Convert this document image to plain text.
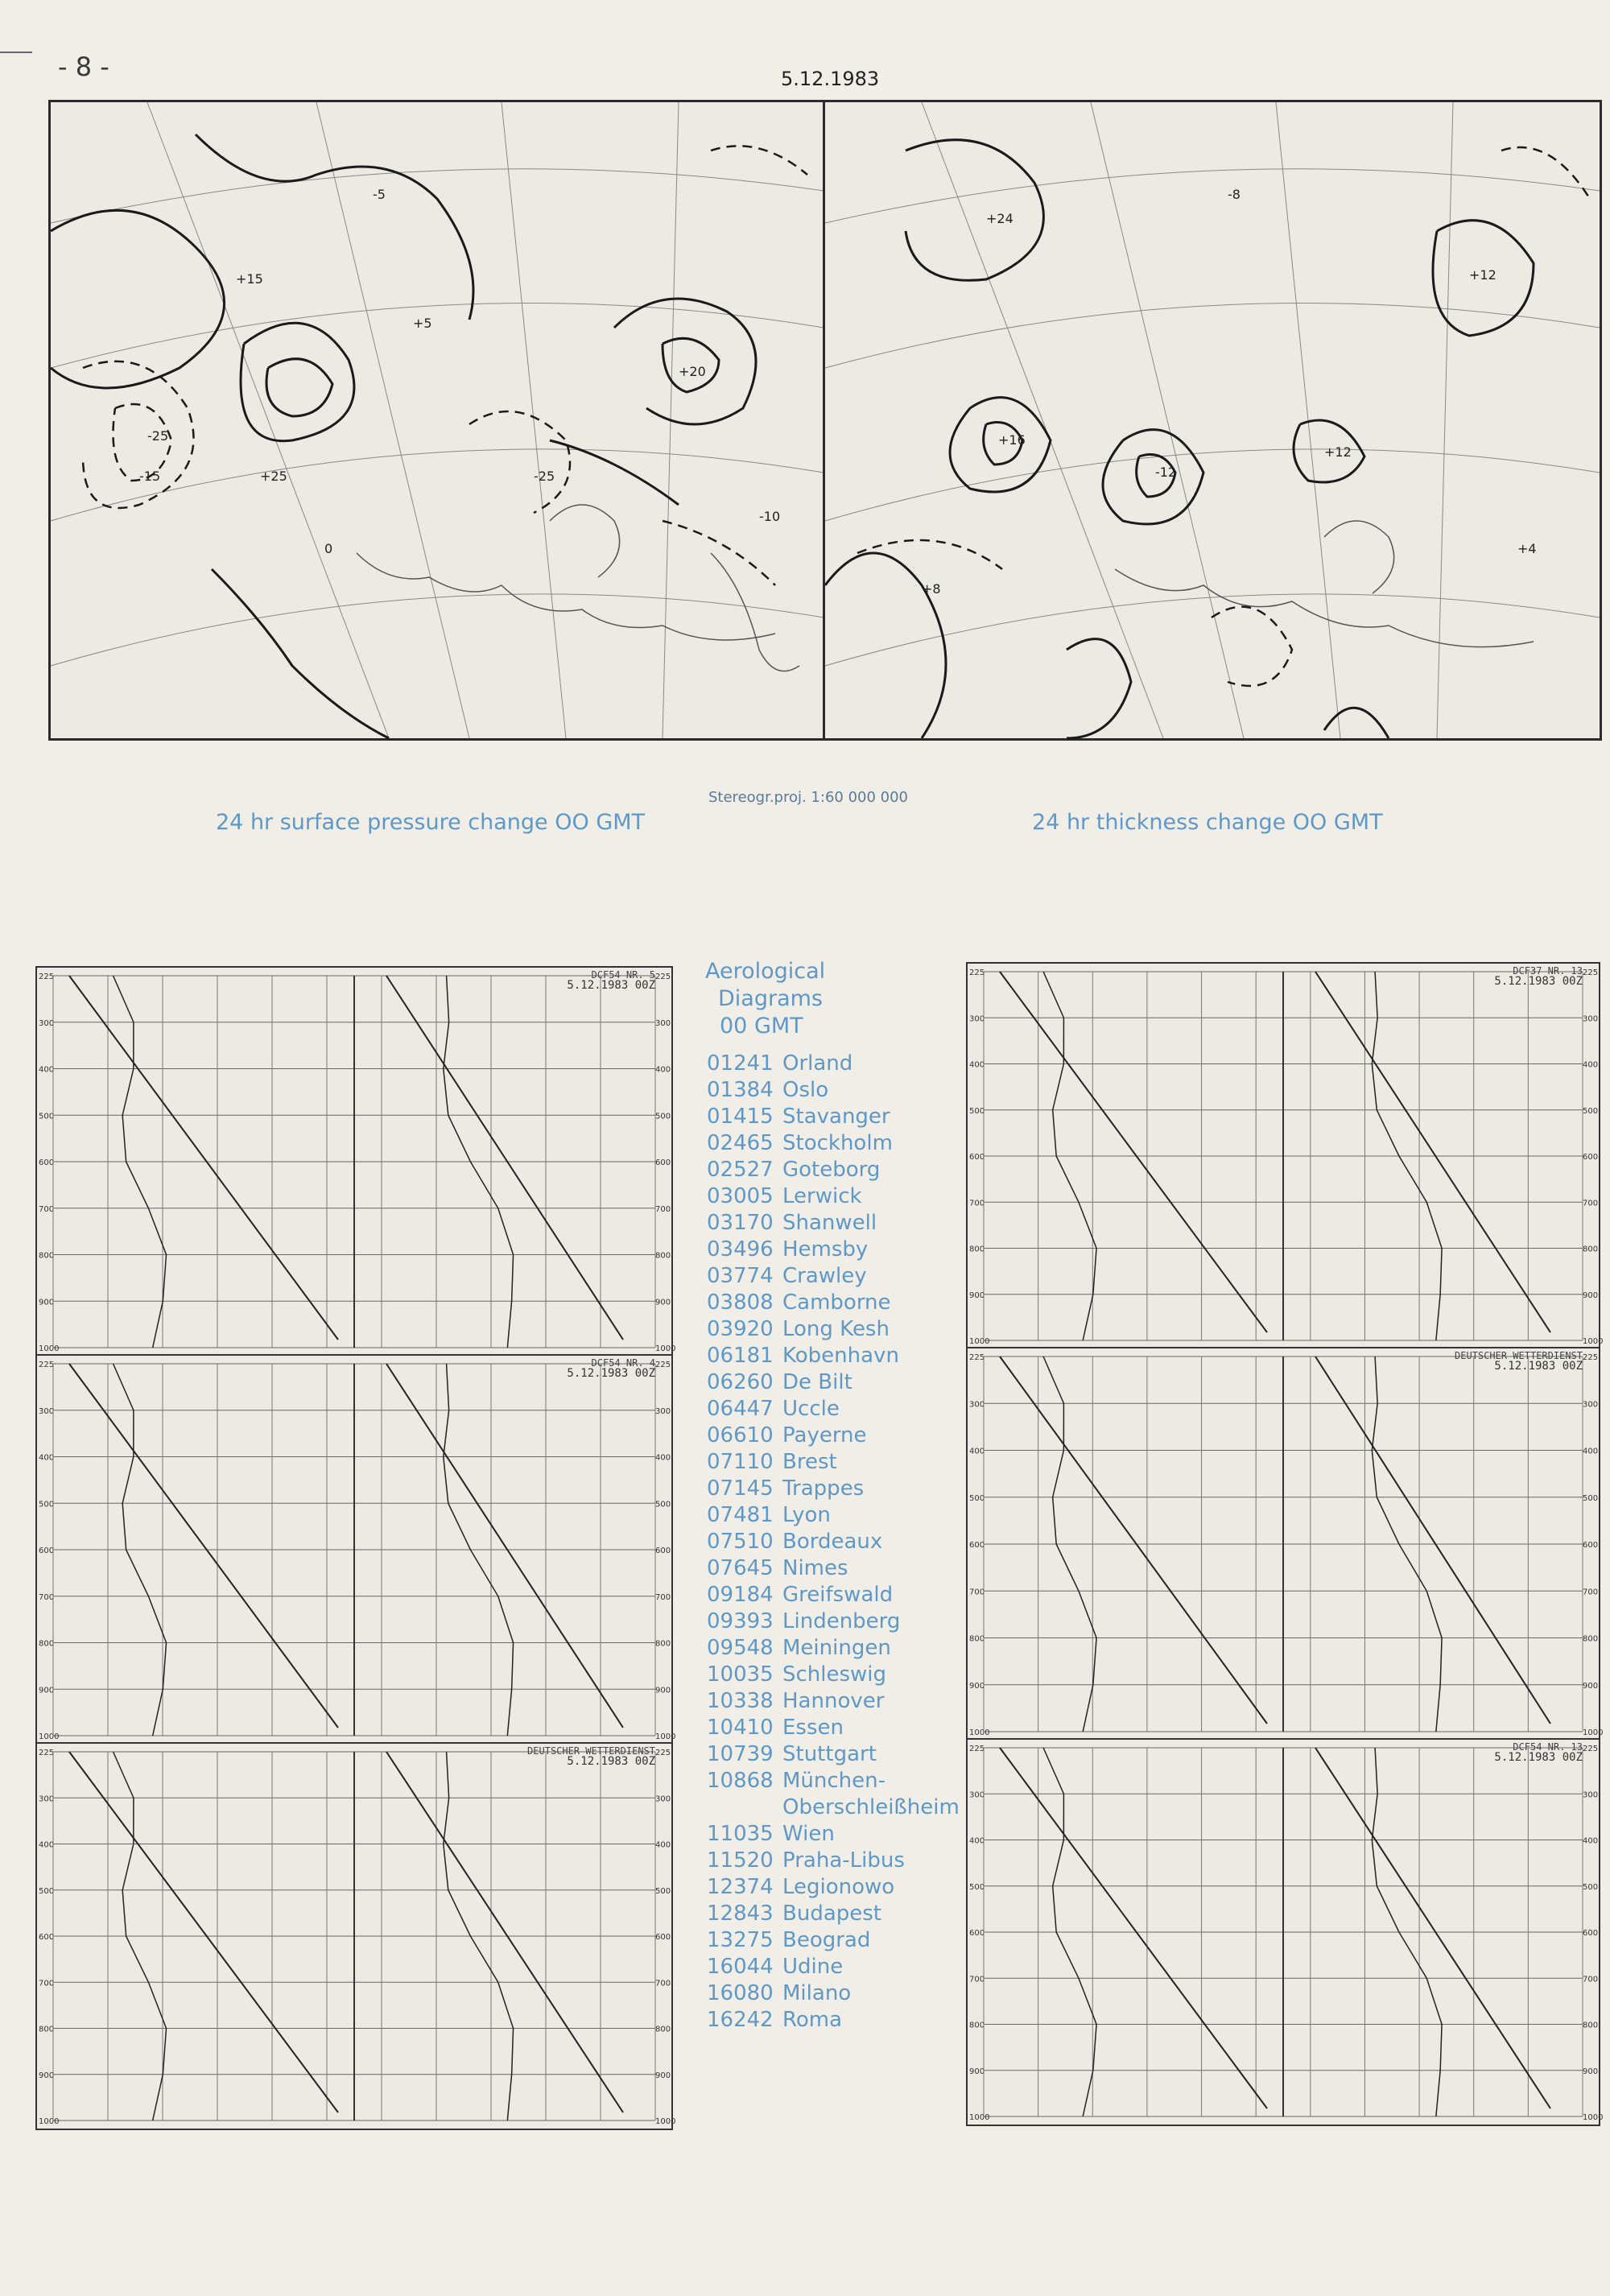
- 8 -	5.12.1983
+15
+25
-25
-15
+20
-25
-5
+5
-10
0
+24
+16
-12
+12
+12
+8
-8
+4
Stereogr.proj. 1:60 000 000
24 hr surface pressure change OO GMT	24 hr thickness change OO GMT
225	225
300	300
400	400
500	500
600	600
700	700
800	800
900	900
1000	1000
DCF54 NR. 5
5.12.1983 00Z
225	225
300	300
400	400
500	500
600	600
700	700
800	800
900	900
1000	1000
DCF54 NR. 4
5.12.1983 00Z
225	225
300	300
400	400
500	500
600	600
700	700
800	800
900	900
1000	1000
DEUTSCHER WETTERDIENST
5.12.1983 00Z
225	225
300	300
400	400
500	500
600	600
700	700
800	800
900	900
1000	1000
DCF37 NR. 13
5.12.1983 00Z
225	225
300	300
400	400
500	500
600	600
700	700
800	800
900	900
1000	1000
DEUTSCHER WETTERDIENST
5.12.1983 00Z
225	225
300	300
400	400
500	500
600	600
700	700
800	800
900	900
1000	1000
DCF54 NR. 13
5.12.1983 00Z
Aerological
Diagrams
00 GMT
01241 Orland
01384 Oslo
01415 Stavanger
02465 Stockholm
02527 Goteborg
03005 Lerwick
03170 Shanwell
03496 Hemsby
03774 Crawley
03808 Camborne
03920 Long Kesh
06181 Kobenhavn
06260 De Bilt
06447 Uccle
06610 Payerne
07110 Brest
07145 Trappes
07481 Lyon
07510 Bordeaux
07645 Nimes
09184 Greifswald
09393 Lindenberg
09548 Meiningen
10035 Schleswig
10338 Hannover
10410 Essen
10739 Stuttgart
10868 München-
Oberschleißheim
11035 Wien
11520 Praha-Libus
12374 Legionowo
12843 Budapest
13275 Beograd
16044 Udine
16080 Milano
16242 Roma
